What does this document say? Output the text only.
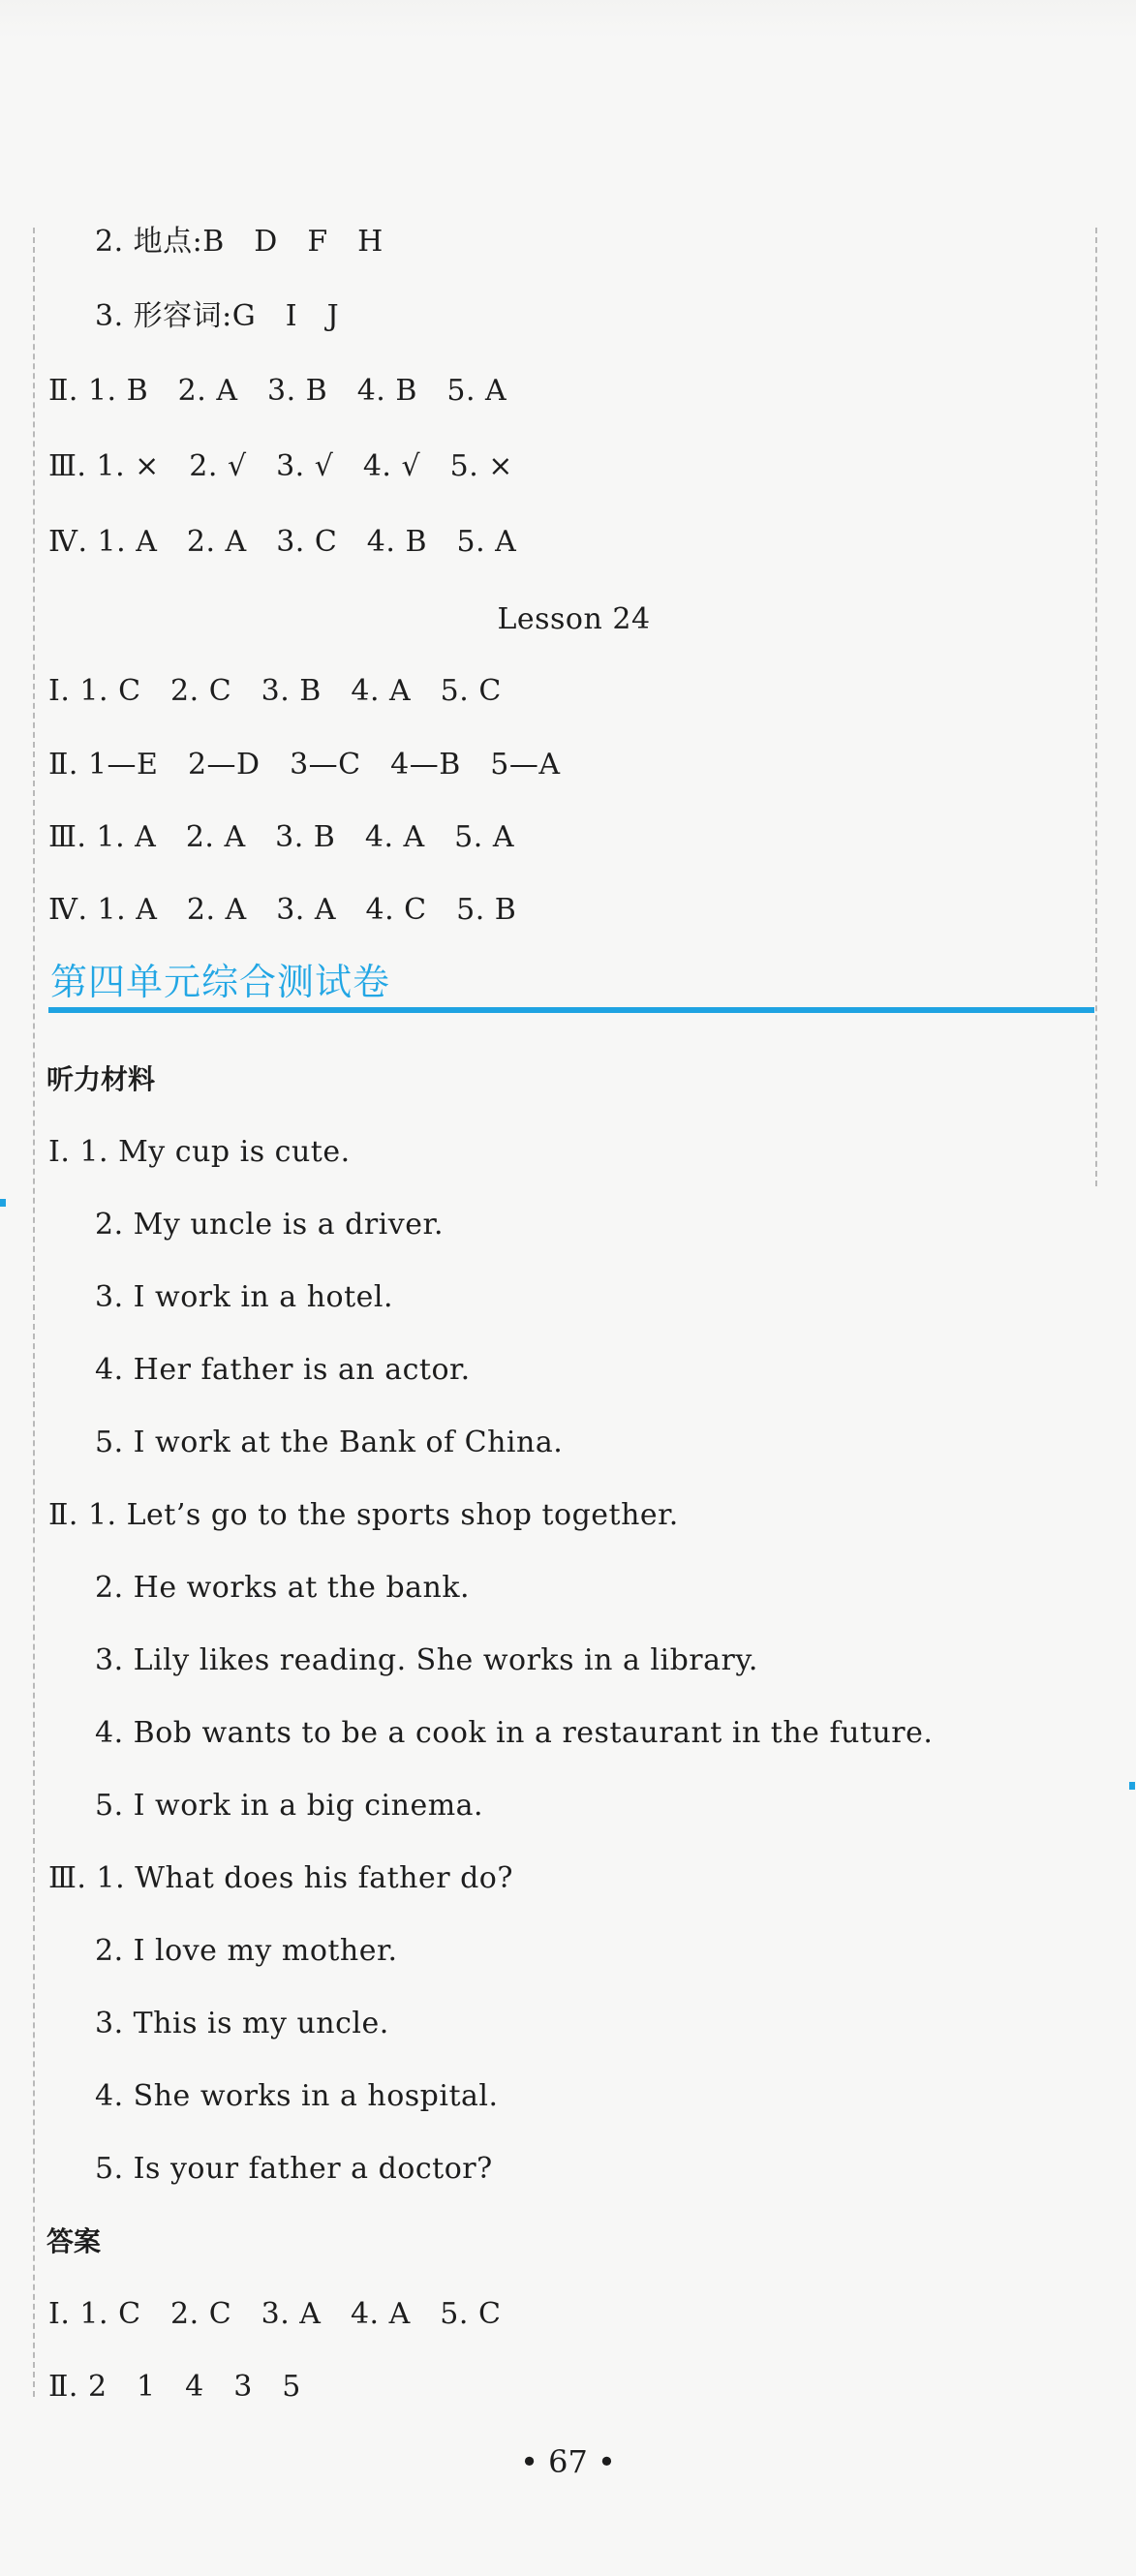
2. 地点:B　D　F　H
3. 形容词:G　I　J
Ⅱ. 1. B　2. A　3. B　4. B　5. A
Ⅲ. 1. ×　2. √　3. √　4. √　5. ×
Ⅳ. 1. A　2. A　3. C　4. B　5. A
Lesson 24
Ⅰ. 1. C　2. C　3. B　4. A　5. C
Ⅱ. 1—E　2—D　3—C　4—B　5—A
Ⅲ. 1. A　2. A　3. B　4. A　5. A
Ⅳ. 1. A　2. A　3. A　4. C　5. B
第四单元综合测试卷
听力材料
Ⅰ. 1. My cup is cute.
2. My uncle is a driver.
3. I work in a hotel.
4. Her father is an actor.
5. I work at the Bank of China.
Ⅱ. 1. Let’s go to the sports shop together.
2. He works at the bank.
3. Lily likes reading. She works in a library.
4. Bob wants to be a cook in a restaurant in the future.
5. I work in a big cinema.
Ⅲ. 1. What does his father do?
2. I love my mother.
3. This is my uncle.
4. She works in a hospital.
5. Is your father a doctor?
答案
Ⅰ. 1. C　2. C　3. A　4. A　5. C
Ⅱ. 2　1　4　3　5
• 67 •
